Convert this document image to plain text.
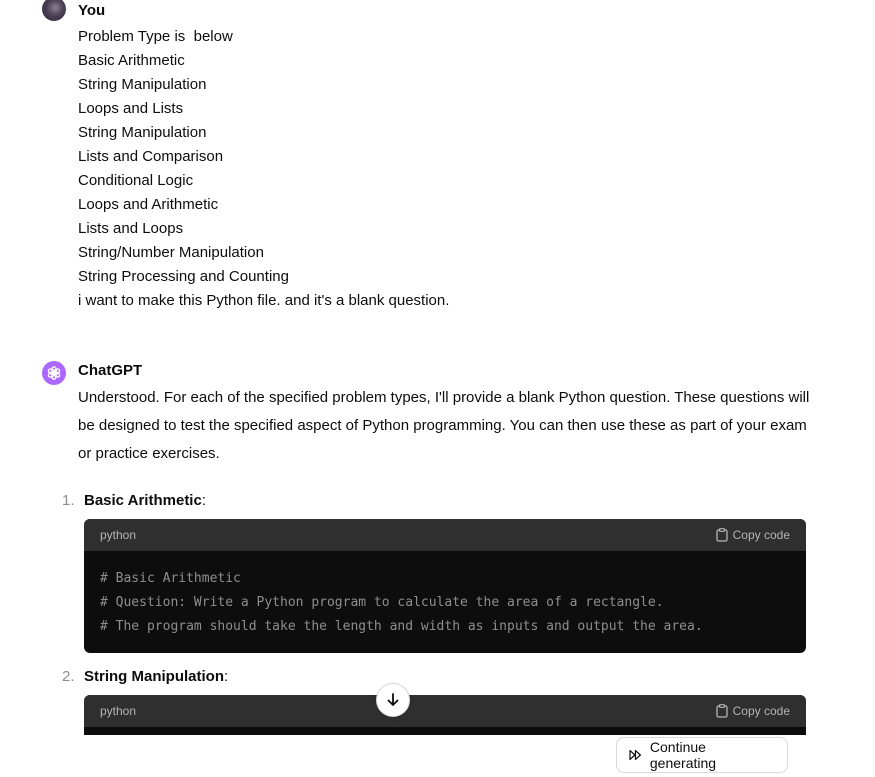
You
Problem Type is  below
Basic Arithmetic
String Manipulation
Loops and Lists
String Manipulation
Lists and Comparison
Conditional Logic
Loops and Arithmetic
Lists and Loops
String/Number Manipulation
String Processing and Counting
i want to make this Python file. and it's a blank question.
ChatGPT
Understood. For each of the specified problem types, I'll provide a blank Python question. These questions will be designed to test the specified aspect of Python programming. You can then use these as part of your exam or practice exercises.
1. Basic Arithmetic:
python	Copy code
# Basic Arithmetic
# Question: Write a Python program to calculate the area of a rectangle.
# The program should take the length and width as inputs and output the area.
2. String Manipulation:
python	Copy code
Continue generating
